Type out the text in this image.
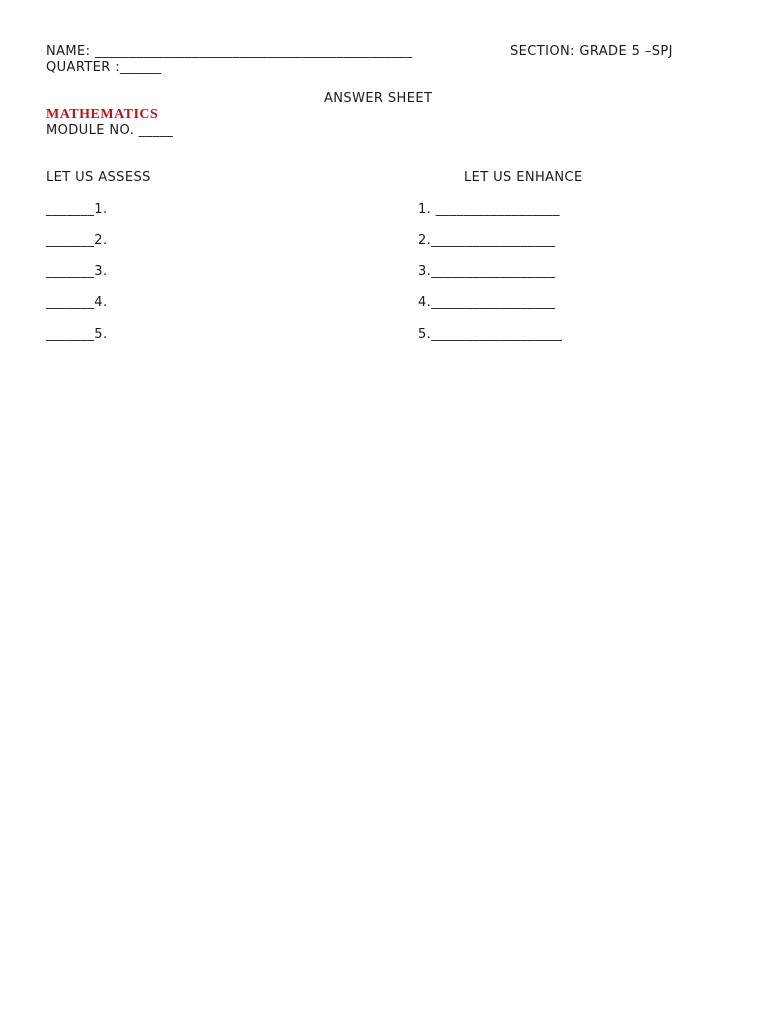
NAME: ______________________________________________	SECTION: GRADE 5 –SPJ
QUARTER :______
ANSWER SHEET
MATHEMATICS
MODULE NO. _____
LET US ASSESS	LET US ENHANCE
_______1.
_______2.
_______3.
_______4.
_______5.
1. __________________
2.__________________
3.__________________
4.__________________
5.___________________
